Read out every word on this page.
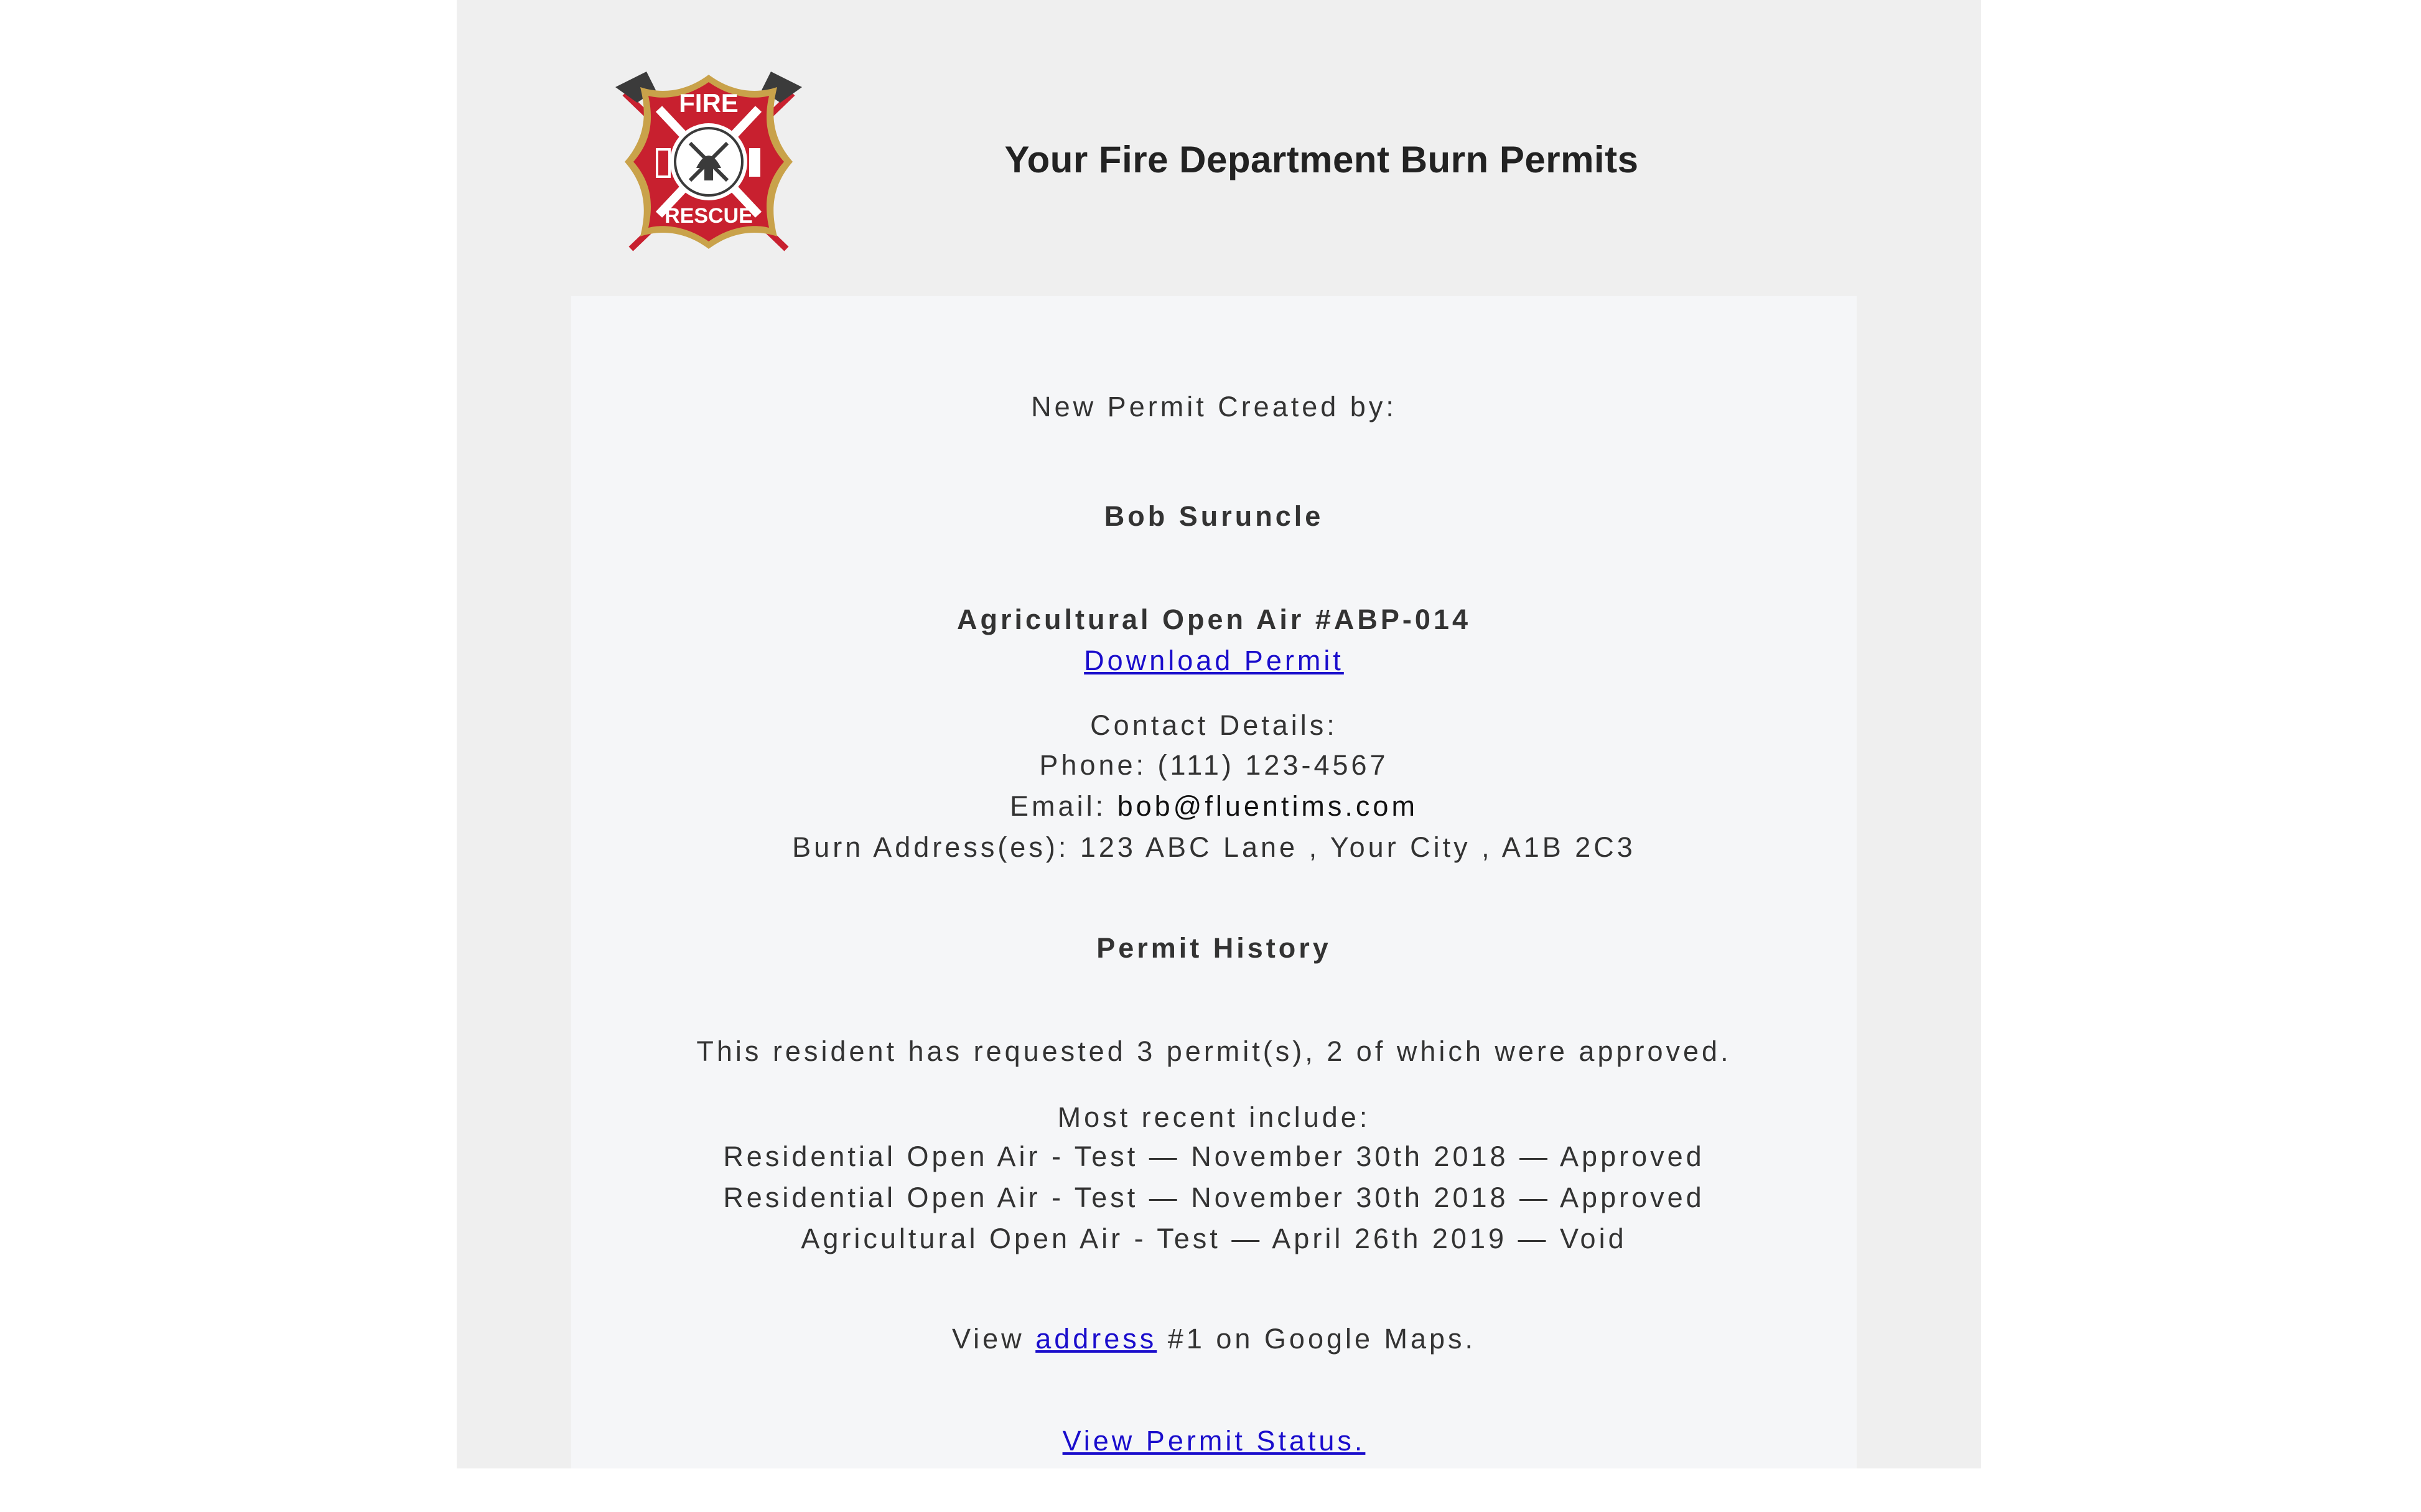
FIRE
RESCUE
Your Fire Department Burn Permits
New Permit Created by:
Bob Suruncle
Agricultural Open Air #ABP-014
Download Permit
Contact Details:
Phone: (111) 123-4567
Email: bob@fluentims.com
Burn Address(es): 123 ABC Lane , Your City , A1B 2C3
Permit History
This resident has requested 3 permit(s), 2 of which were approved.
Most recent include:
Residential Open Air - Test — November 30th 2018 — Approved
Residential Open Air - Test — November 30th 2018 — Approved
Agricultural Open Air - Test — April 26th 2019 — Void
View address #1 on Google Maps.
View Permit Status.
